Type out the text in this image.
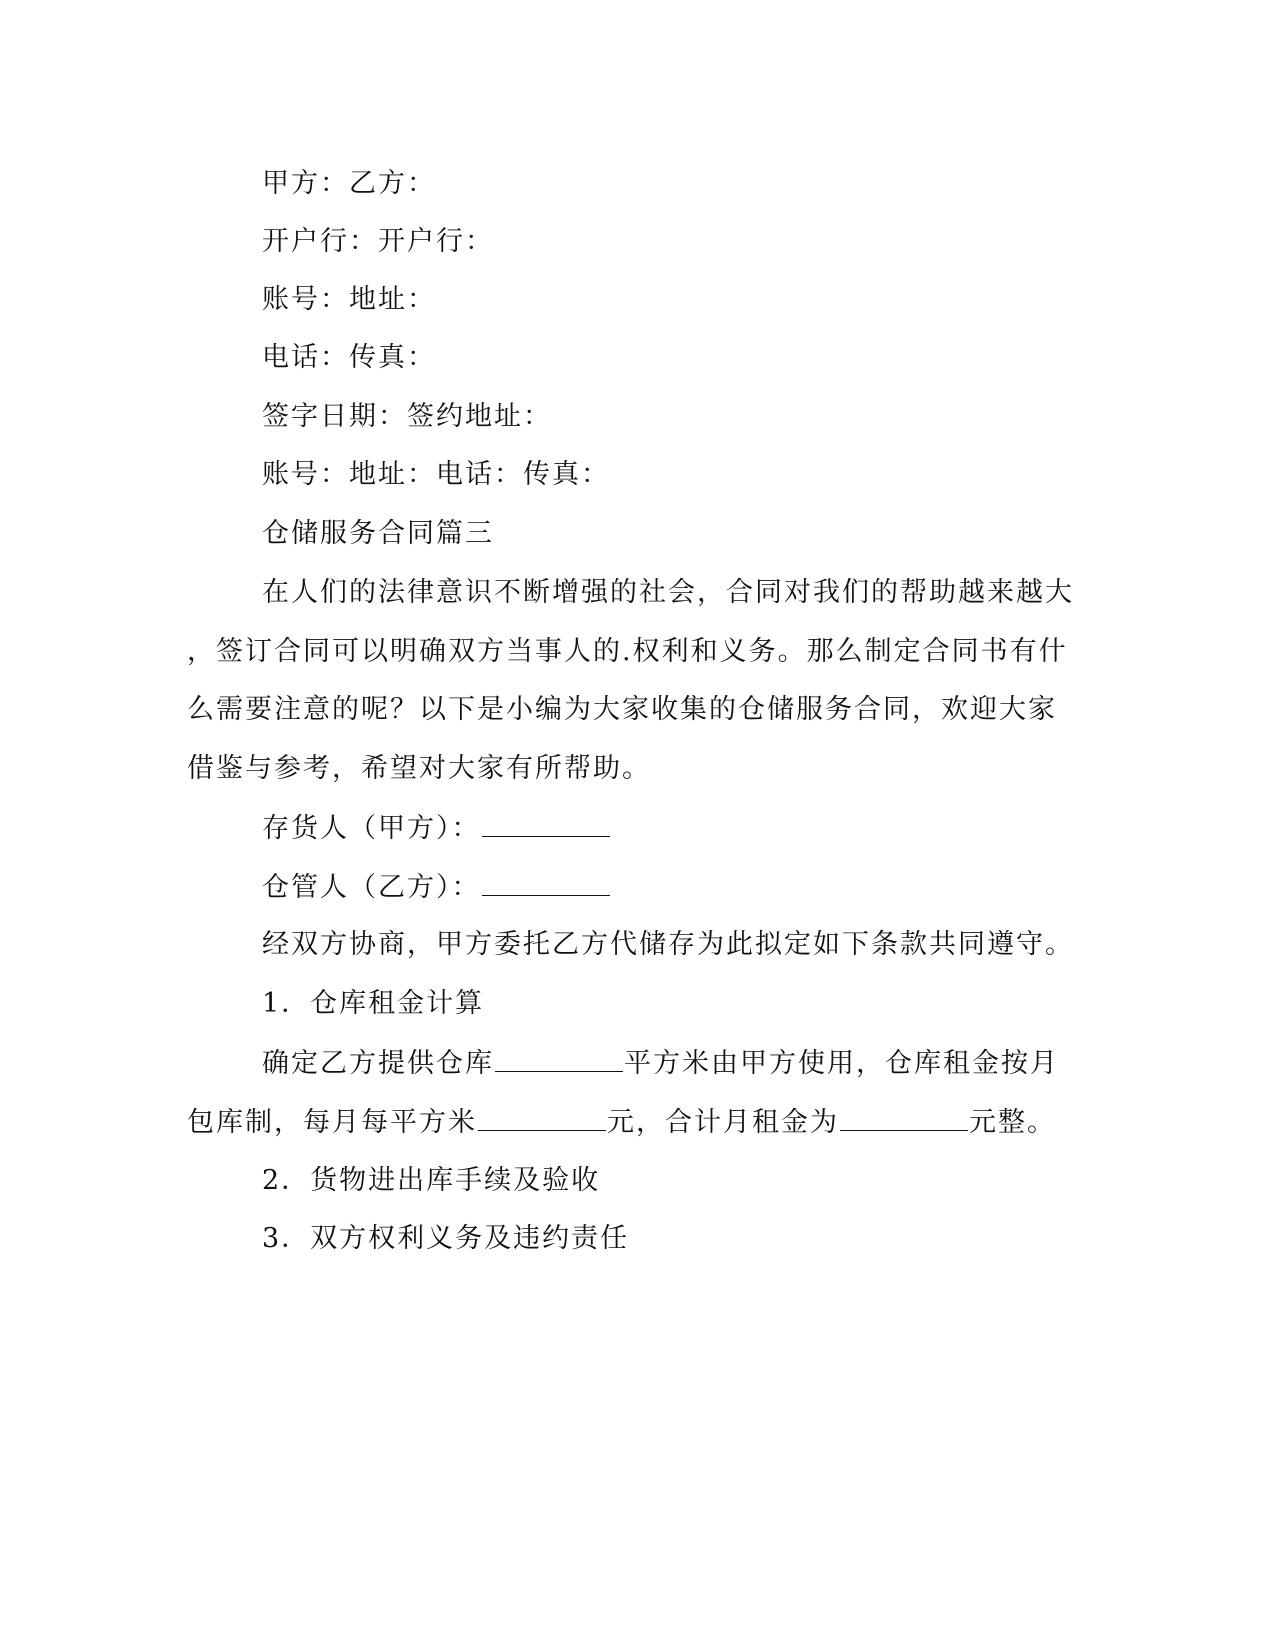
甲方：乙方：
开户行：开户行：
账号：地址：
电话：传真：
签字日期：签约地址：
账号：地址：电话：传真：
仓储服务合同篇三
在人们的法律意识不断增强的社会，合同对我们的帮助越来越大
，签订合同可以明确双方当事人的.权利和义务。那么制定合同书有什
么需要注意的呢？以下是小编为大家收集的仓储服务合同，欢迎大家
借鉴与参考，希望对大家有所帮助。
存货人（甲方）：
仓管人（乙方）：
经双方协商，甲方委托乙方代储存为此拟定如下条款共同遵守。
1．仓库租金计算
确定乙方提供仓库	平方米由甲方使用，仓库租金按月
包库制，每月每平方米	元，合计月租金为	元整。
2．货物进出库手续及验收
3．双方权利义务及违约责任
